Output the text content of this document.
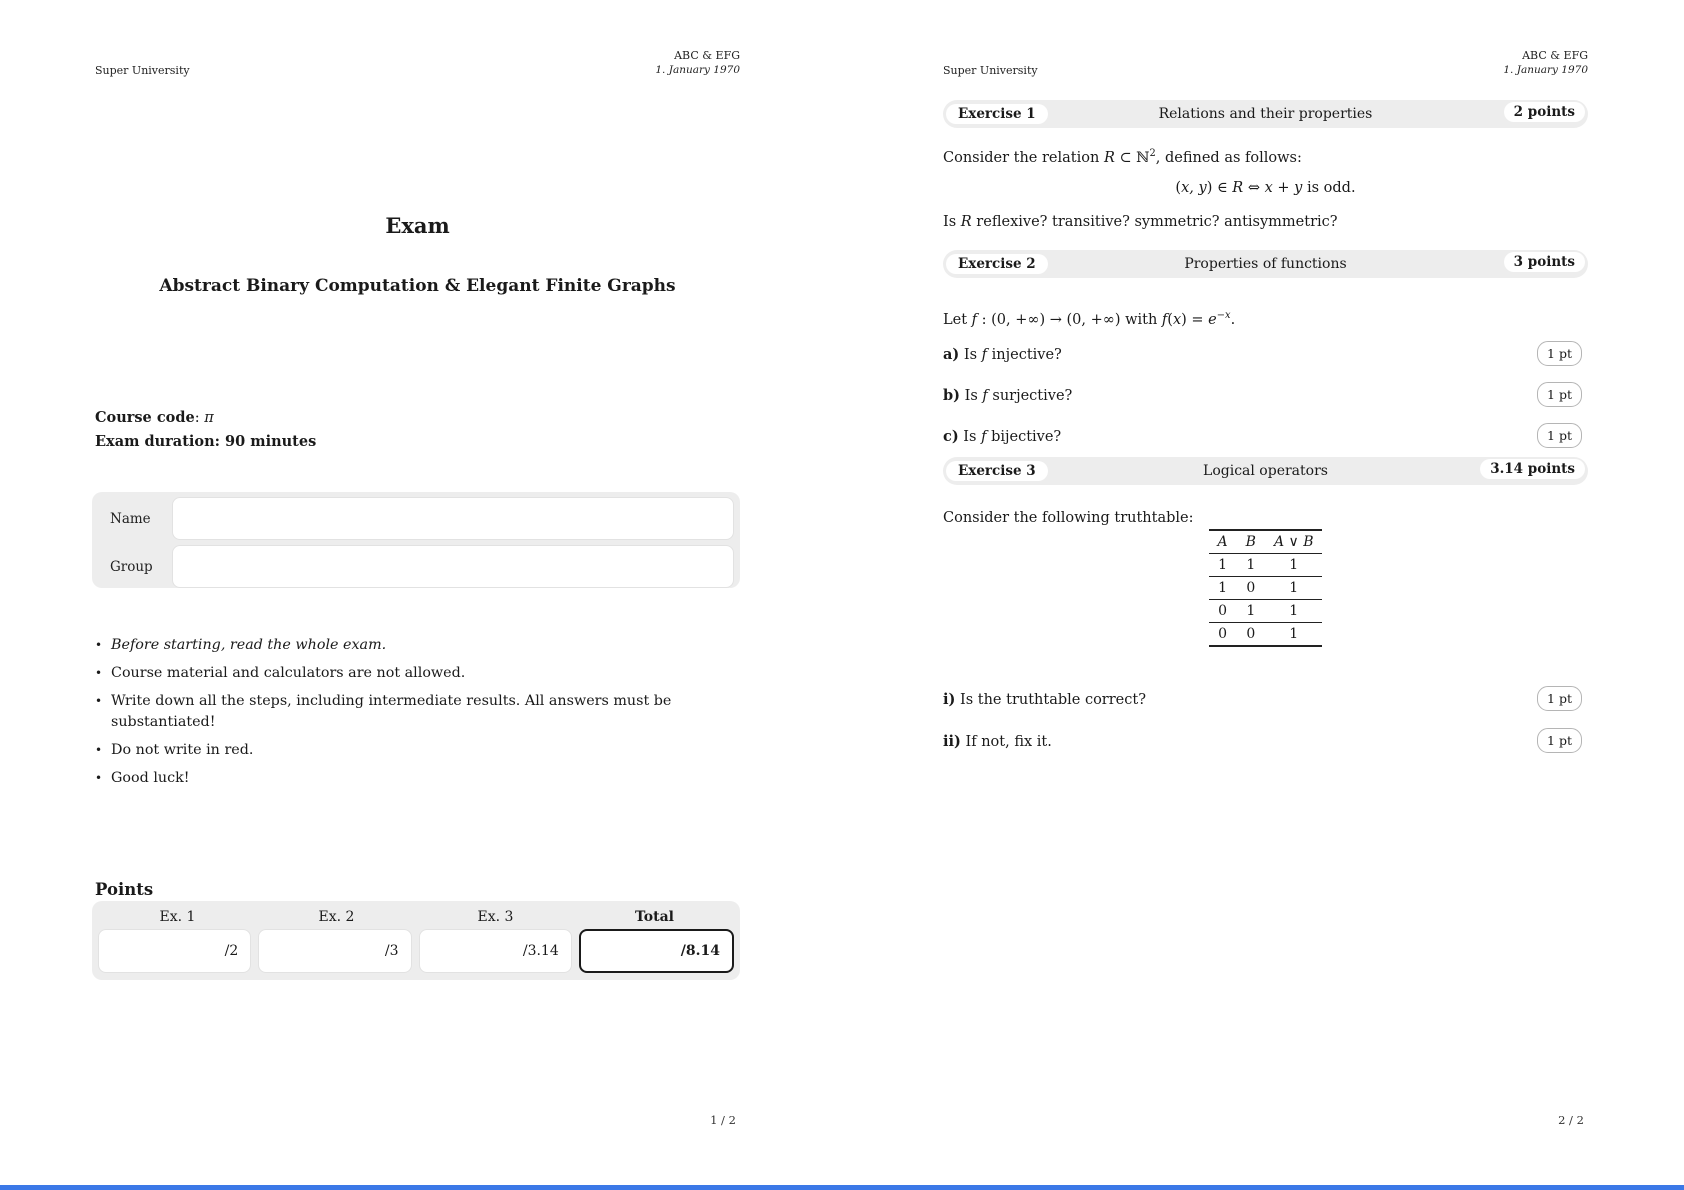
Super University
ABC & EFG
1. January 1970
Exam
Abstract Binary Computation & Elegant Finite Graphs
Course code: π
Exam duration: 90 minutes
Name
Group
• Before starting, read the whole exam.
• Course material and calculators are not allowed.
• Write down all the steps, including intermediate results. All answers must be substantiated!
• Do not write in red.
• Good luck!
Points
Ex. 1	Ex. 2	Ex. 3	Total
/2	/3	/3.14	/8.14
1 / 2
Super University
ABC & EFG
1. January 1970
Relations and their properties
Exercise 1	2 points
Consider the relation R ⊂ ℕ$^2$, defined as follows:
(x, y) ∈ R ⇔ x + y is odd.
Is R reflexive? transitive? symmetric? antisymmetric?
Properties of functions
Exercise 2	3 points
Let f : (0, +∞) → (0, +∞) with $f(x) = e^{-x}$.
a) Is f injective?	1 pt
b) Is f surjective?	1 pt
c) Is f bijective?	1 pt
Logical operators
Exercise 3	3.14 points
Consider the following truthtable:
A	B	A ∨ B
1	1	1
1	0	1
0	1	1
0	0	1
i) Is the truthtable correct?	1 pt
ii) If not, fix it.	1 pt
2 / 2
